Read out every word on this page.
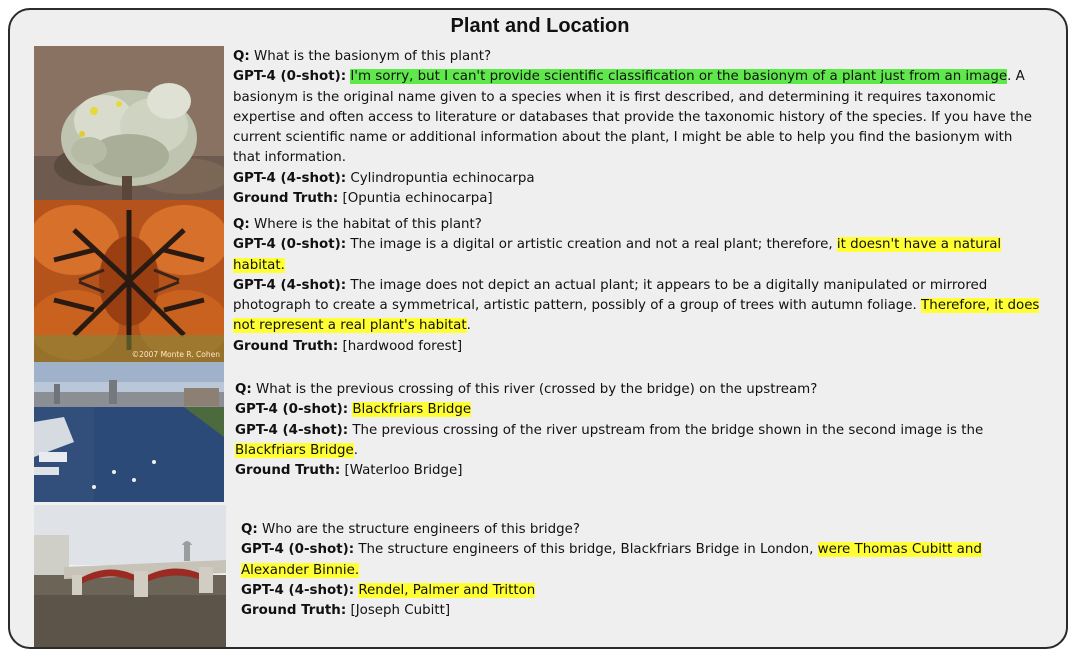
Plant and Location
©2007 Monte R. Cohen

Q: What is the basionym of this plant?

GPT-4 (0-shot): I'm sorry, but I can't provide scientific classification or the basionym of a plant just from an image. A basionym is the original name given to a species when it is first described, and determining it requires taxonomic expertise and often access to literature or databases that provide the taxonomic history of the species. If you have the current scientific name or additional information about the plant, I might be able to help you find the basionym with that information.

GPT-4 (4-shot): Cylindropuntia echinocarpa

Ground Truth: [Opuntia echinocarpa]

Q: Where is the habitat of this plant?

GPT-4 (0-shot): The image is a digital or artistic creation and not a real plant; therefore, it doesn't have a natural habitat.

GPT-4 (4-shot): The image does not depict an actual plant; it appears to be a digitally manipulated or mirrored photograph to create a symmetrical, artistic pattern, possibly of a group of trees with autumn foliage. Therefore, it does not represent a real plant's habitat.

Ground Truth: [hardwood forest]

Q: What is the previous crossing of this river (crossed by the bridge) on the upstream?

GPT-4 (0-shot): Blackfriars Bridge

GPT-4 (4-shot): The previous crossing of the river upstream from the bridge shown in the second image is the Blackfriars Bridge.

Ground Truth: [Waterloo Bridge]

Q: Who are the structure engineers of this bridge?

GPT-4 (0-shot): The structure engineers of this bridge, Blackfriars Bridge in London, were Thomas Cubitt and Alexander Binnie.

GPT-4 (4-shot): Rendel, Palmer and Tritton

Ground Truth: [Joseph Cubitt]
